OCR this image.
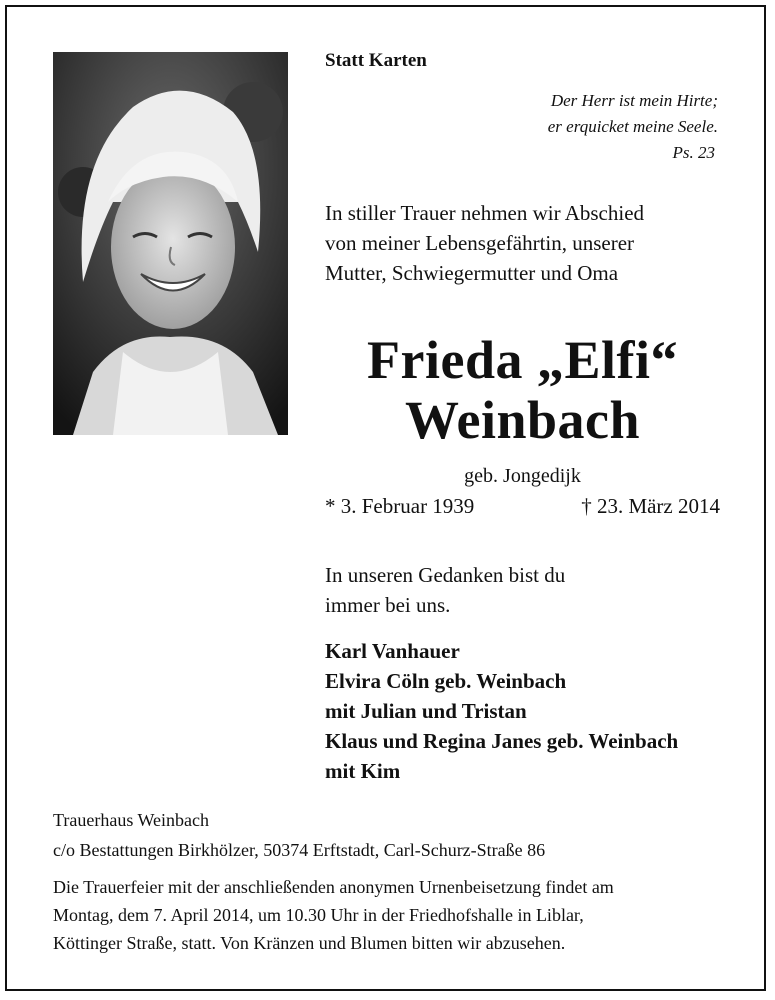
Statt Karten
Der Herr ist mein Hirte;
er erquicket meine Seele.
Ps. 23
In stiller Trauer nehmen wir Abschied
von meiner Lebensgefährtin, unserer
Mutter, Schwiegermutter und Oma
Frieda „Elfi“
Weinbach
geb. Jongedijk
* 3. Februar 1939	† 23. März 2014
In unseren Gedanken bist du
immer bei uns.
Karl Vanhauer
Elvira Cöln geb. Weinbach
mit Julian und Tristan
Klaus und Regina Janes geb. Weinbach
mit Kim
Trauerhaus Weinbach
c/o Bestattungen Birkhölzer, 50374 Erftstadt, Carl-Schurz-Straße 86
Die Trauerfeier mit der anschließenden anonymen Urnenbeisetzung findet am
Montag, dem 7. April 2014, um 10.30 Uhr in der Friedhofshalle in Liblar,
Köttinger Straße, statt. Von Kränzen und Blumen bitten wir abzusehen.
